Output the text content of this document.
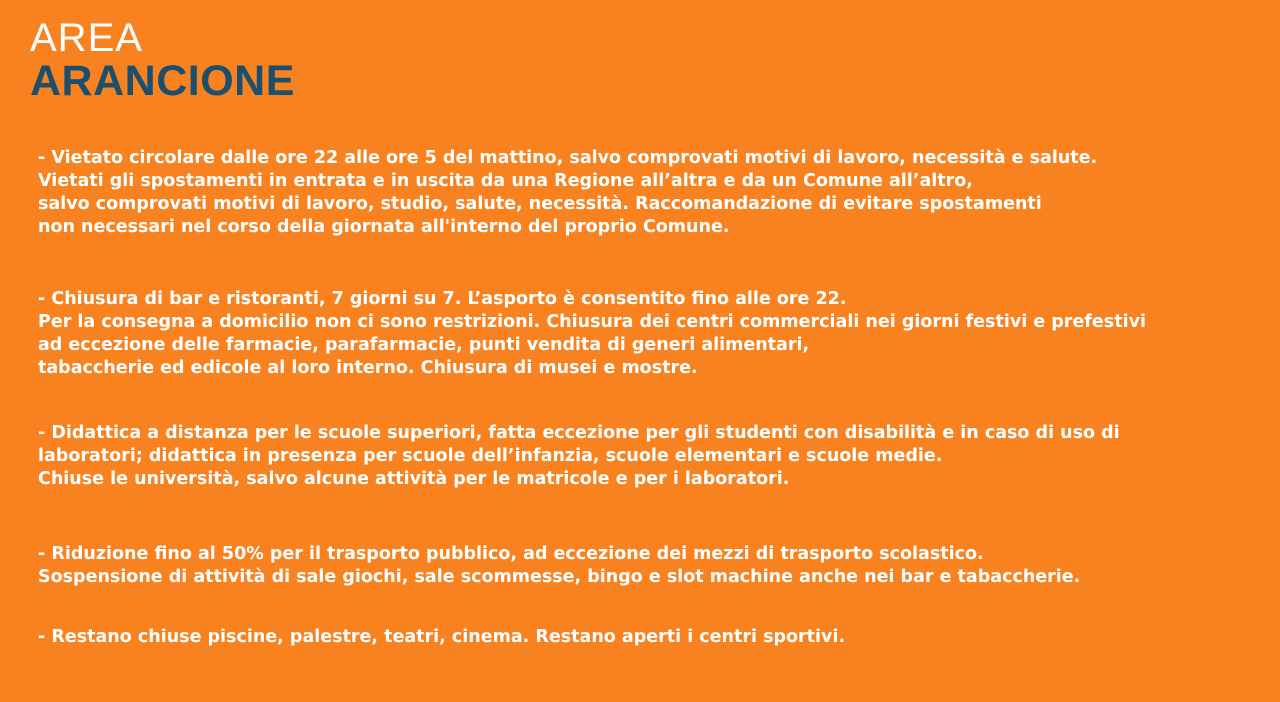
AREA
ARANCIONE

- Vietato circolare dalle ore 22 alle ore 5 del mattino, salvo comprovati motivi di lavoro, necessità e salute.
Vietati gli spostamenti in entrata e in uscita da una Regione all’altra e da un Comune all’altro,
salvo comprovati motivi di lavoro, studio, salute, necessità. Raccomandazione di evitare spostamenti
non necessari nel corso della giornata all'interno del proprio Comune.

- Chiusura di bar e ristoranti, 7 giorni su 7. L’asporto è consentito fino alle ore 22.
Per la consegna a domicilio non ci sono restrizioni. Chiusura dei centri commerciali nei giorni festivi e prefestivi
ad eccezione delle farmacie, parafarmacie, punti vendita di generi alimentari,
tabaccherie ed edicole al loro interno. Chiusura di musei e mostre.

- Didattica a distanza per le scuole superiori, fatta eccezione per gli studenti con disabilità e in caso di uso di
laboratori; didattica in presenza per scuole dell’infanzia, scuole elementari e scuole medie.
Chiuse le università, salvo alcune attività per le matricole e per i laboratori.

- Riduzione fino al 50% per il trasporto pubblico, ad eccezione dei mezzi di trasporto scolastico.
Sospensione di attività di sale giochi, sale scommesse, bingo e slot machine anche nei bar e tabaccherie.

- Restano chiuse piscine, palestre, teatri, cinema. Restano aperti i centri sportivi.
